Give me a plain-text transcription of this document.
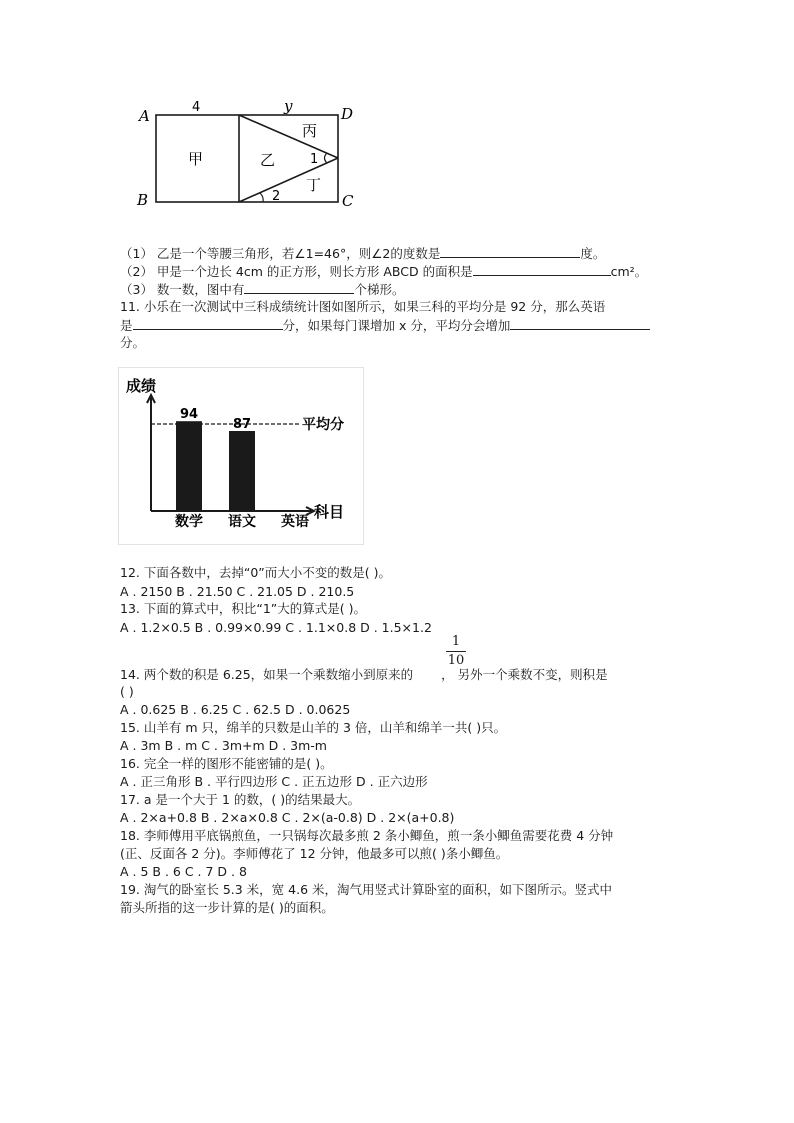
A
B	C
D
4	y
甲	乙
丙
丁
1
2
（1） 乙是一个等腰三角形，若∠1=46°，则∠2的度数是	度。
（2） 甲是一个边长 4cm 的正方形，则长方形 ABCD 的面积是	cm²。
（3） 数一数，图中有	个梯形。
11. 小乐在一次测试中三科成绩统计图如图所示，如果三科的平均分是 92 分，那么英语
是	分，如果每门课增加 x 分，平均分会增加
分。
成绩
科目
94
数学
87
语文 英语
平均分
12. 下面各数中，去掉“0”而大小不变的数是( )。
A . 2150 B . 21.50 C . 21.05 D . 210.5
13. 下面的算式中，积比“1”大的算式是( )。
A . 1.2×0.5 B . 0.99×0.99 C . 1.1×0.8 D . 1.5×1.2
1
10
14. 两个数的积是 6.25，如果一个乘数缩小到原来的 ， 另外一个乘数不变，则积是
( )
A . 0.625 B . 6.25 C . 62.5 D . 0.0625
15. 山羊有 m 只，绵羊的只数是山羊的 3 倍，山羊和绵羊一共( )只。
A . 3m B . m C . 3m+m D . 3m-m
16. 完全一样的图形不能密铺的是( )。
A . 正三角形 B . 平行四边形 C . 正五边形 D . 正六边形
17. a 是一个大于 1 的数，( )的结果最大。
A . 2×a+0.8 B . 2×a×0.8 C . 2×(a-0.8) D . 2×(a+0.8)
18. 李师傅用平底锅煎鱼，一只锅每次最多煎 2 条小鲫鱼，煎一条小鲫鱼需要花费 4 分钟
(正、反面各 2 分)。李师傅花了 12 分钟，他最多可以煎( )条小鲫鱼。
A . 5 B . 6 C . 7 D . 8
19. 淘气的卧室长 5.3 米，宽 4.6 米，淘气用竖式计算卧室的面积，如下图所示。竖式中
箭头所指的这一步计算的是( )的面积。
